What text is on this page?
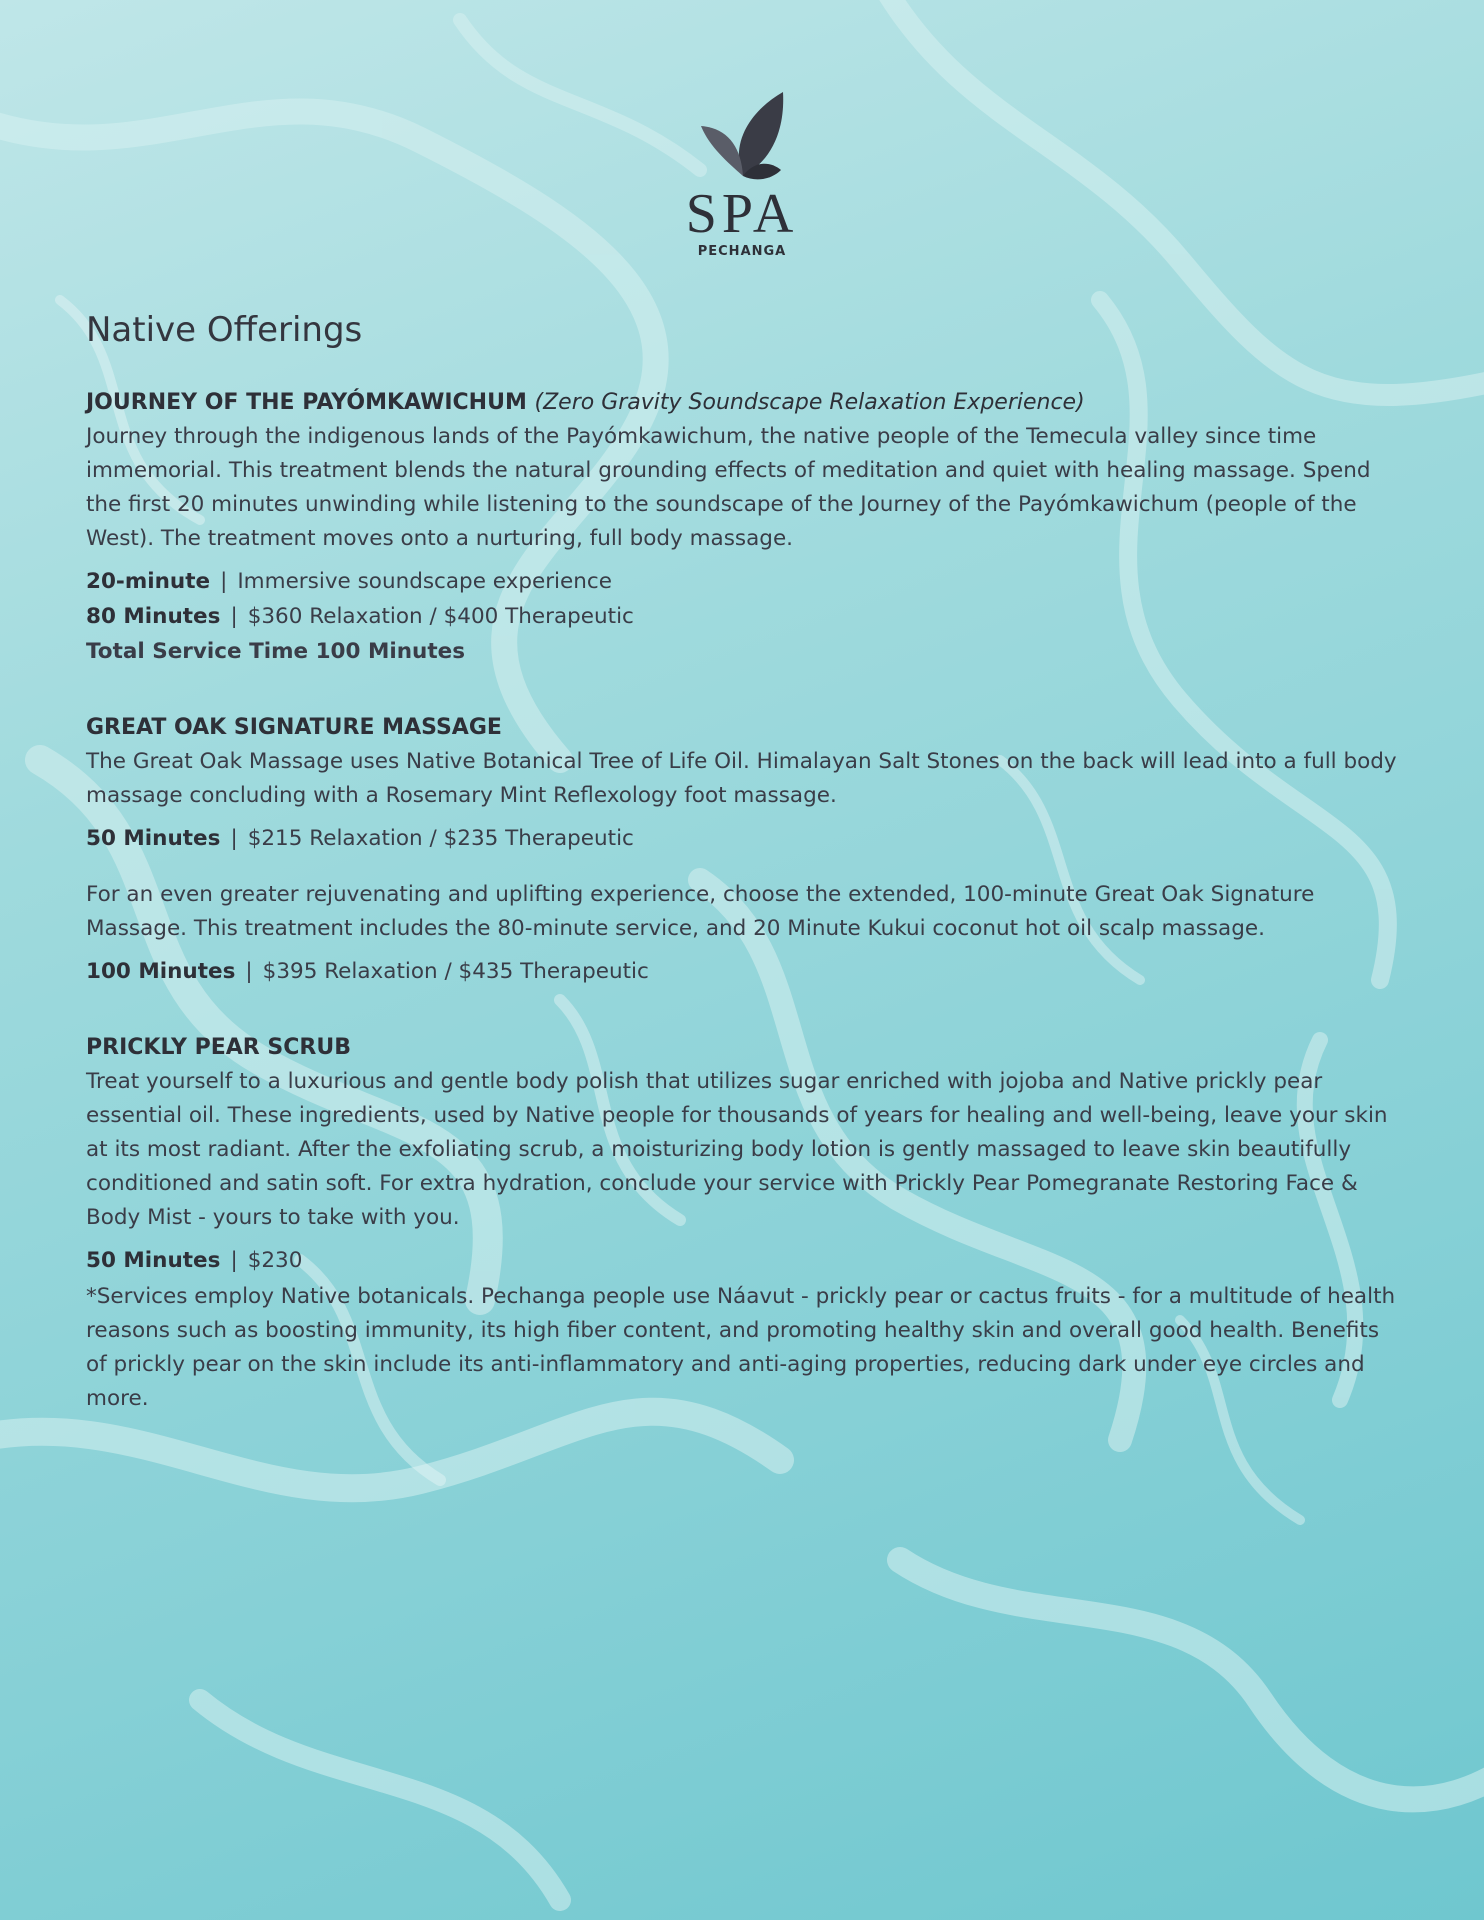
SPA
PECHANGA
Native Offerings
JOURNEY OF THE PAYÓMKAWICHUM (Zero Gravity Soundscape Relaxation Experience)

Journey through the indigenous lands of the Payómkawichum, the native people of the Temecula valley since time immemorial. This treatment blends the natural grounding effects of meditation and quiet with healing massage. Spend the first 20 minutes unwinding while listening to the soundscape of the Journey of the Payómkawichum (people of the West). The treatment moves onto a nurturing, full body massage.

20-minute | Immersive soundscape experience
80 Minutes | $360 Relaxation / $400 Therapeutic
Total Service Time 100 Minutes
GREAT OAK SIGNATURE MASSAGE

The Great Oak Massage uses Native Botanical Tree of Life Oil. Himalayan Salt Stones on the back will lead into a full body massage concluding with a Rosemary Mint Reflexology foot massage.

50 Minutes | $215 Relaxation / $235 Therapeutic

For an even greater rejuvenating and uplifting experience, choose the extended, 100-minute Great Oak Signature Massage. This treatment includes the 80-minute service, and 20 Minute Kukui coconut hot oil scalp massage.

100 Minutes | $395 Relaxation / $435 Therapeutic
PRICKLY PEAR SCRUB

Treat yourself to a luxurious and gentle body polish that utilizes sugar enriched with jojoba and Native prickly pear essential oil. These ingredients, used by Native people for thousands of years for healing and well-being, leave your skin at its most radiant. After the exfoliating scrub, a moisturizing body lotion is gently massaged to leave skin beautifully conditioned and satin soft. For extra hydration, conclude your service with Prickly Pear Pomegranate Restoring Face & Body Mist - yours to take with you.

50 Minutes | $230

*Services employ Native botanicals. Pechanga people use Náavut - prickly pear or cactus fruits - for a multitude of health reasons such as boosting immunity, its high fiber content, and promoting healthy skin and overall good health. Benefits of prickly pear on the skin include its anti-inflammatory and anti-aging properties, reducing dark under eye circles and more.
